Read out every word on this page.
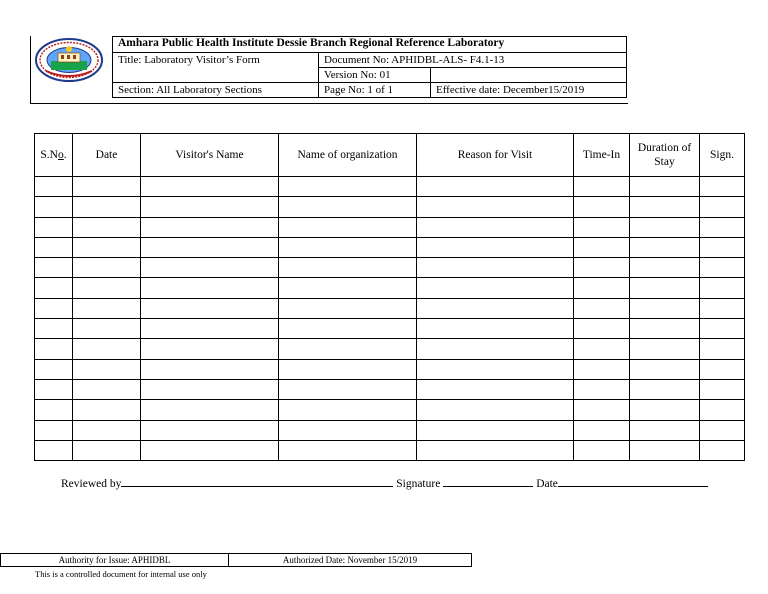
Amhara Public Health Institute Dessie Branch Regional Reference Laboratory		
Title: Laboratory Visitor’s Form	Document No: APHIDBL-ALS- F4.1-13	
	Version No: 01	
Section: All Laboratory Sections	Page No: 1 of 1	Effective date: December15/2019
S.No.	Date	Visitor's Name	Name of organization	Reason for Visit	Time-In	Duration of Stay	Sign.

Reviewed by	Signature	Date
Authority for Issue: APHIDBL	Authorized Date: November 15/2019
This is a controlled document for internal use only
